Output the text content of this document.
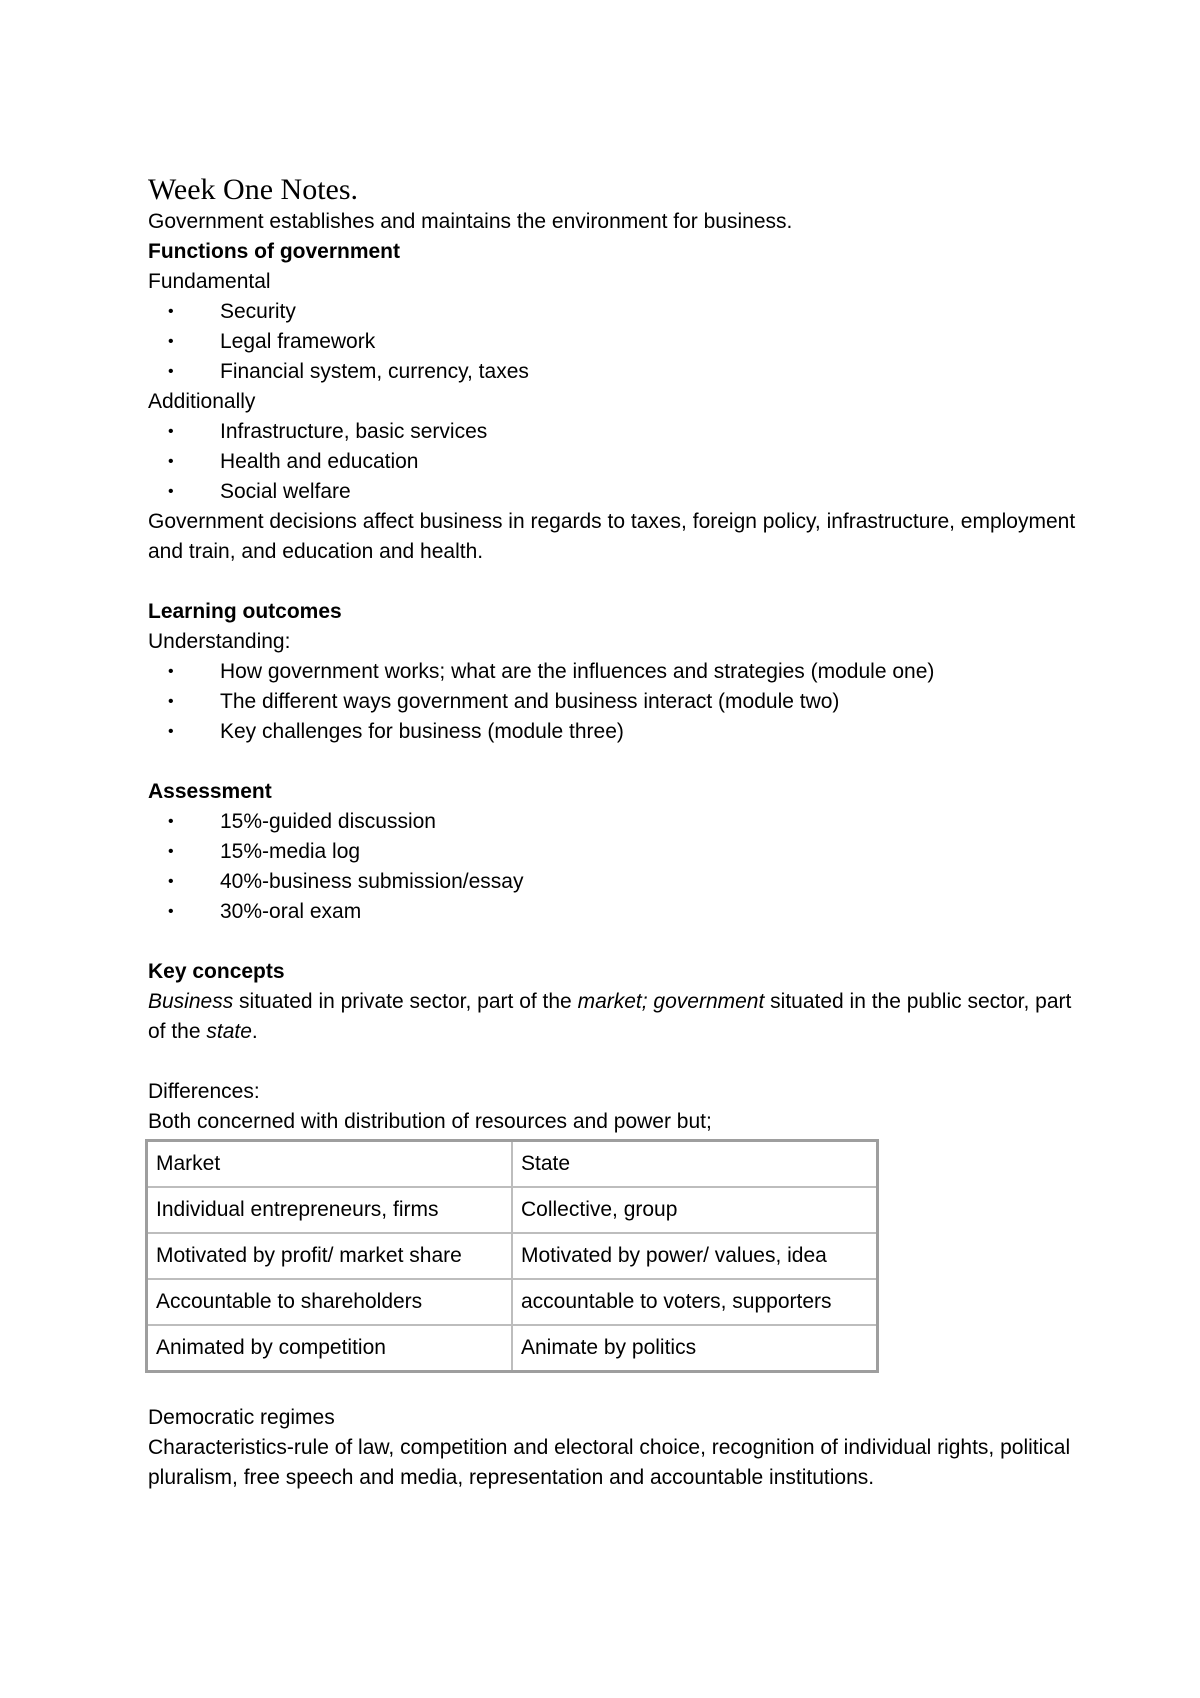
Week One Notes.

Government establishes and maintains the environment for business.

Functions of government

Fundamental

• Security
• Legal framework
• Financial system, currency, taxes

Additionally

• Infrastructure, basic services
• Health and education
• Social welfare

Government decisions affect business in regards to taxes, foreign policy, infrastructure, employment and train, and education and health.

Learning outcomes

Understanding:

• How government works; what are the influences and strategies (module one)
• The different ways government and business interact (module two)
• Key challenges for business (module three)

Assessment

• 15%-guided discussion
• 15%-media log
• 40%-business submission/essay
• 30%-oral exam

Key concepts

Business situated in private sector, part of the market; government situated in the public sector, part of the state.

Differences:

Both concerned with distribution of resources and power but;

Market	State
Individual entrepreneurs, firms	Collective, group
Motivated by profit/ market share	Motivated by power/ values, idea
Accountable to shareholders	accountable to voters, supporters
Animated by competition	Animate by politics

Democratic regimes

Characteristics-rule of law, competition and electoral choice, recognition of individual rights, political pluralism, free speech and media, representation and accountable institutions.
